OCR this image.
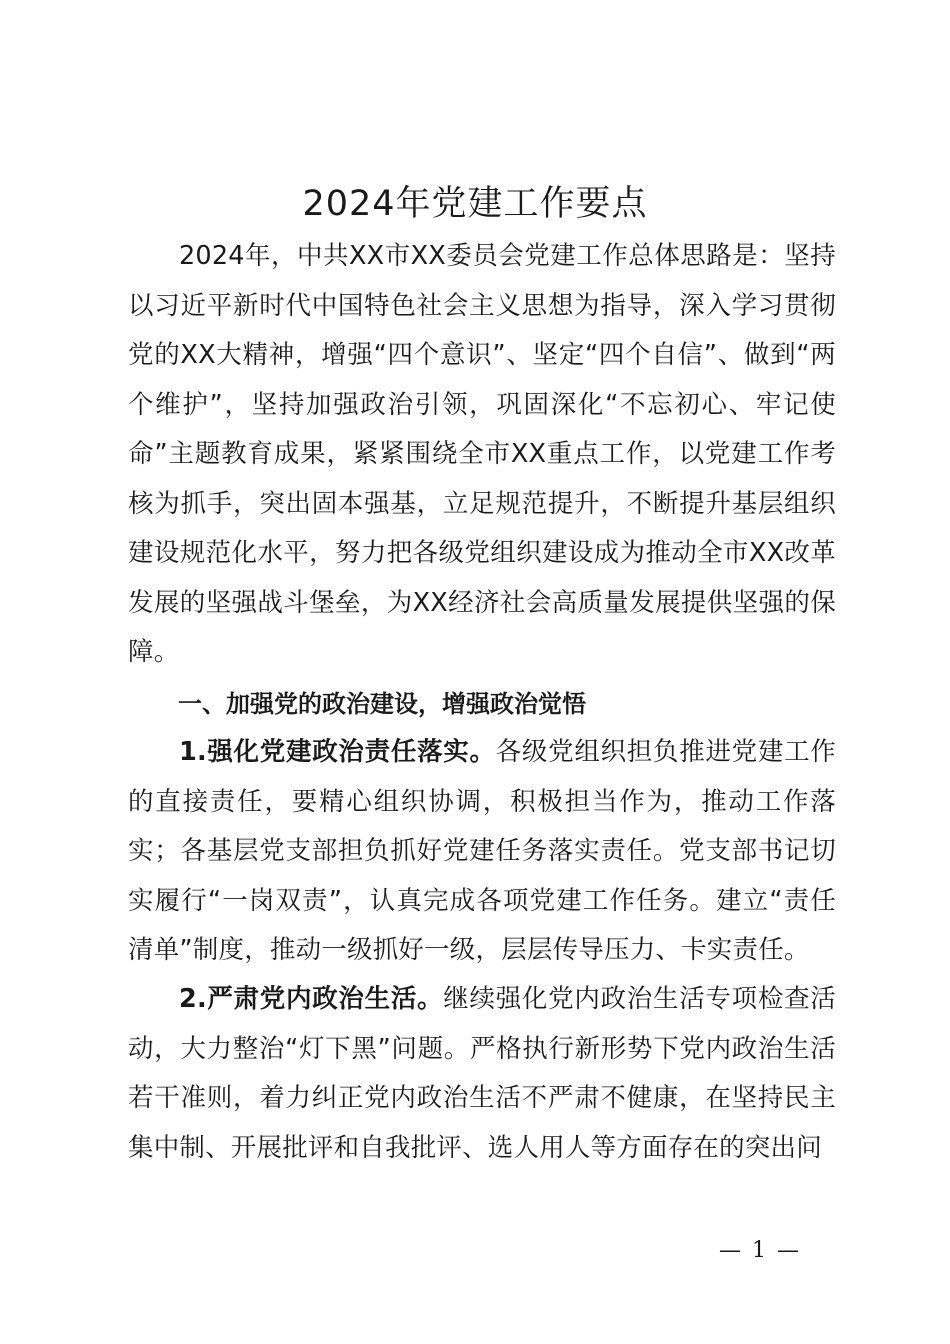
2024年党建工作要点

2024年，中共XX市XX委员会党建工作总体思路是：坚持以习近平新时代中国特色社会主义思想为指导，深入学习贯彻党的XX大精神，增强“四个意识”、坚定“四个自信”、做到“两个维护”，坚持加强政治引领，巩固深化“不忘初心、牢记使命”主题教育成果，紧紧围绕全市XX重点工作，以党建工作考核为抓手，突出固本强基，立足规范提升，不断提升基层组织建设规范化水平，努力把各级党组织建设成为推动全市XX改革发展的坚强战斗堡垒，为XX经济社会高质量发展提供坚强的保障。

一、加强党的政治建设，增强政治觉悟

1.强化党建政治责任落实。各级党组织担负推进党建工作的直接责任，要精心组织协调，积极担当作为，推动工作落实；各基层党支部担负抓好党建任务落实责任。党支部书记切实履行“一岗双责”，认真完成各项党建工作任务。建立“责任清单”制度，推动一级抓好一级，层层传导压力、卡实责任。

2.严肃党内政治生活。继续强化党内政治生活专项检查活动，大力整治“灯下黑”问题。严格执行新形势下党内政治生活若干准则，着力纠正党内政治生活不严肃不健康，在坚持民主集中制、开展批评和自我批评、选人用人等方面存在的突出问

— 1 —
